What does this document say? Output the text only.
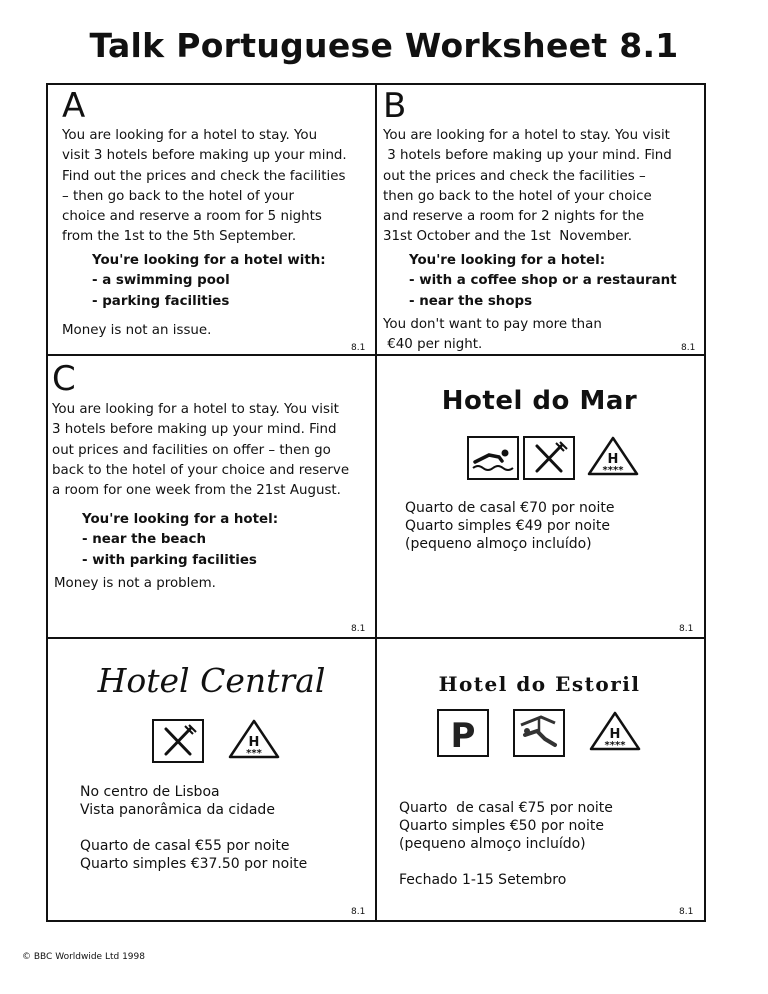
Talk Portuguese Worksheet 8.1
A
You are looking for a hotel to stay. You
visit 3 hotels before making up your mind.
Find out the prices and check the facilities
– then go back to the hotel of your
choice and reserve a room for 5 nights
from the 1st to the 5th September.
You're looking for a hotel with:
- a swimming pool
- parking facilities
Money is not an issue.
8.1
B
You are looking for a hotel to stay. You visit
3 hotels before making up your mind. Find
out the prices and check the facilities –
then go back to the hotel of your choice
and reserve a room for 2 nights for the
31st October and the 1st  November.
You're looking for a hotel:
- with a coffee shop or a restaurant
- near the shops
You don't want to pay more than
€40 per night.	8.1
C
You are looking for a hotel to stay. You visit
3 hotels before making up your mind. Find
out prices and facilities on offer – then go
back to the hotel of your choice and reserve
a room for one week from the 21st August.
You're looking for a hotel:
- near the beach
- with parking facilities
Money is not a problem.
8.1
Hotel do Mar
H
****
Quarto de casal €70 por noite
Quarto simples €49 por noite
(pequeno almoço incluído)
8.1
Hotel Central
H
***
No centro de Lisboa
Vista panorâmica da cidade
Quarto de casal €55 por noite
Quarto simples €37.50 por noite
8.1
Hotel do Estoril
P	H
****
Quarto  de casal €75 por noite
Quarto simples €50 por noite
(pequeno almoço incluído)
Fechado 1-15 Setembro
8.1
© BBC Worldwide Ltd 1998
